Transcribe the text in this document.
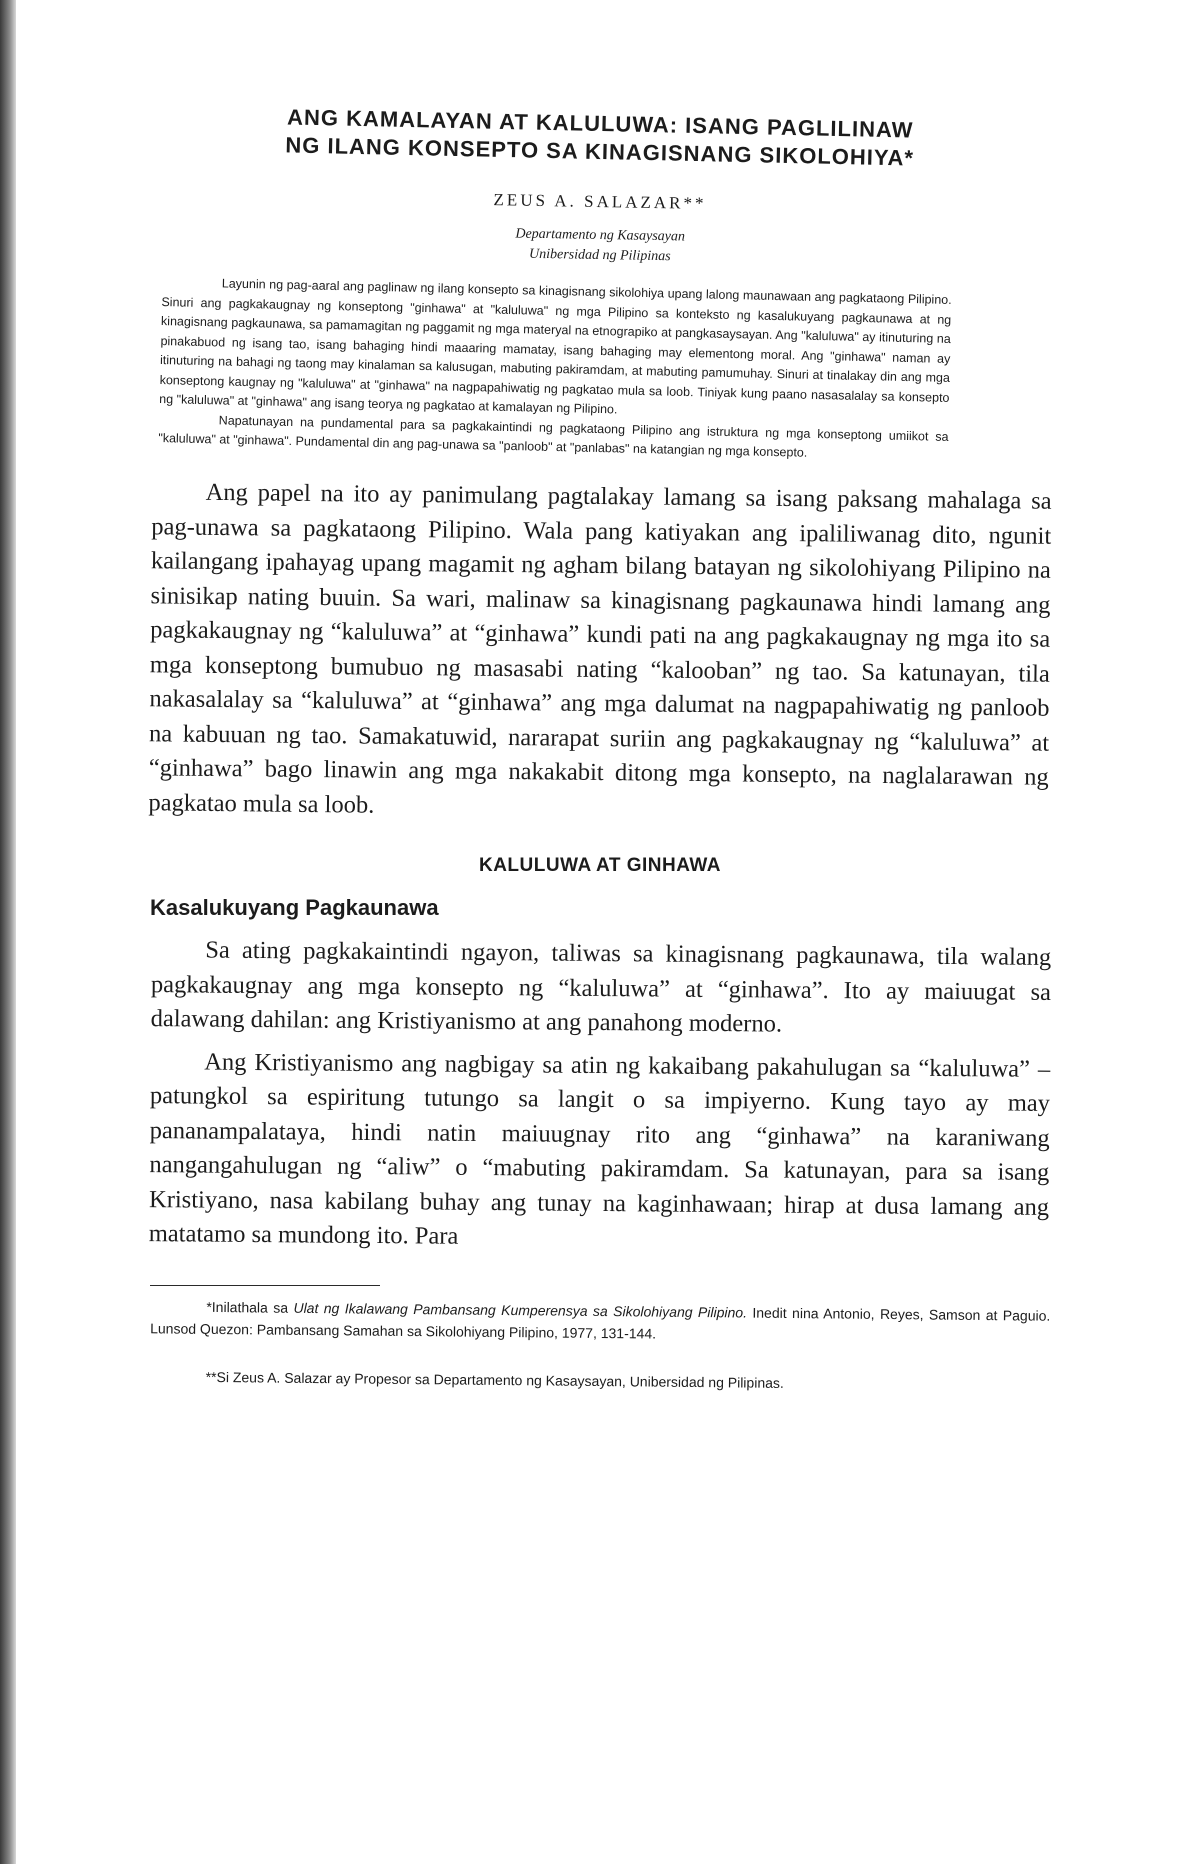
ANG KAMALAYAN AT KALULUWA: ISANG PAGLILINAW
NG ILANG KONSEPTO SA KINAGISNANG SIKOLOHIYA*
ZEUS A. SALAZAR**
Departamento ng Kasaysayan
Unibersidad ng Pilipinas

Layunin ng pag-aaral ang paglinaw ng ilang konsepto sa kinagisnang sikolohiya upang lalong maunawaan ang pagkataong Pilipino. Sinuri ang pagkakaugnay ng konseptong "ginhawa" at "kaluluwa" ng mga Pilipino sa konteksto ng kasalukuyang pagkaunawa at ng kinagisnang pagkaunawa, sa pamamagitan ng paggamit ng mga materyal na etnograpiko at pangkasaysayan. Ang "kaluluwa" ay itinuturing na pinakabuod ng isang tao, isang bahaging hindi maaaring mamatay, isang bahaging may elementong moral. Ang "ginhawa" naman ay itinuturing na bahagi ng taong may kinalaman sa kalusugan, mabuting pakiramdam, at mabuting pamumuhay. Sinuri at tinalakay din ang mga konseptong kaugnay ng "kaluluwa" at "ginhawa" na nagpapahiwatig ng pagkatao mula sa loob. Tiniyak kung paano nasasalalay sa konsepto ng "kaluluwa" at "ginhawa" ang isang teorya ng pagkatao at kamalayan ng Pilipino.

Napatunayan na pundamental para sa pagkakaintindi ng pagkataong Pilipino ang istruktura ng mga konseptong umiikot sa "kaluluwa" at "ginhawa". Pundamental din ang pag-unawa sa "panloob" at "panlabas" na katangian ng mga konsepto.

Ang papel na ito ay panimulang pagtalakay lamang sa isang paksang mahalaga sa pag-unawa sa pagkataong Pilipino. Wala pang katiyakan ang ipaliliwanag dito, ngunit kailangang ipahayag upang magamit ng agham bilang batayan ng sikolohiyang Pilipino na sinisikap nating buuin. Sa wari, malinaw sa kinagisnang pagkaunawa hindi lamang ang pagkakaugnay ng “kaluluwa” at “ginhawa” kundi pati na ang pagkakaugnay ng mga ito sa mga konseptong bumubuo ng masasabi nating “kalooban” ng tao. Sa katunayan, tila nakasalalay sa “kaluluwa” at “ginhawa” ang mga dalumat na nagpapahiwatig ng panloob na kabuuan ng tao. Samakatuwid, nararapat suriin ang pagkakaugnay ng “kaluluwa” at “ginhawa” bago linawin ang mga nakakabit ditong mga konsepto, na naglalarawan ng pagkatao mula sa loob.

KALULUWA AT GINHAWA
Kasalukuyang Pagkaunawa

Sa ating pagkakaintindi ngayon, taliwas sa kinagisnang pagkaunawa, tila walang pagkakaugnay ang mga konsepto ng “kaluluwa” at “ginhawa”. Ito ay maiuugat sa dalawang dahilan: ang Kristiyanismo at ang panahong moderno.

Ang Kristiyanismo ang nagbigay sa atin ng kakaibang pakahulugan sa “kaluluwa” – patungkol sa espiritung tutungo sa langit o sa impiyerno. Kung tayo ay may pananampalataya, hindi natin maiuugnay rito ang “ginhawa” na karaniwang nangangahulugan ng “aliw” o “mabuting pakiramdam. Sa katunayan, para sa isang Kristiyano, nasa kabilang buhay ang tunay na kaginhawaan; hirap at dusa lamang ang matatamo sa mundong ito. Para

*Inilathala sa Ulat ng Ikalawang Pambansang Kumperensya sa Sikolohiyang Pilipino. Inedit nina Antonio, Reyes, Samson at Paguio. Lunsod Quezon: Pambansang Samahan sa Sikolohiyang Pilipino, 1977, 131-144.

**Si Zeus A. Salazar ay Propesor sa Departamento ng Kasaysayan, Unibersidad ng Pilipinas.
